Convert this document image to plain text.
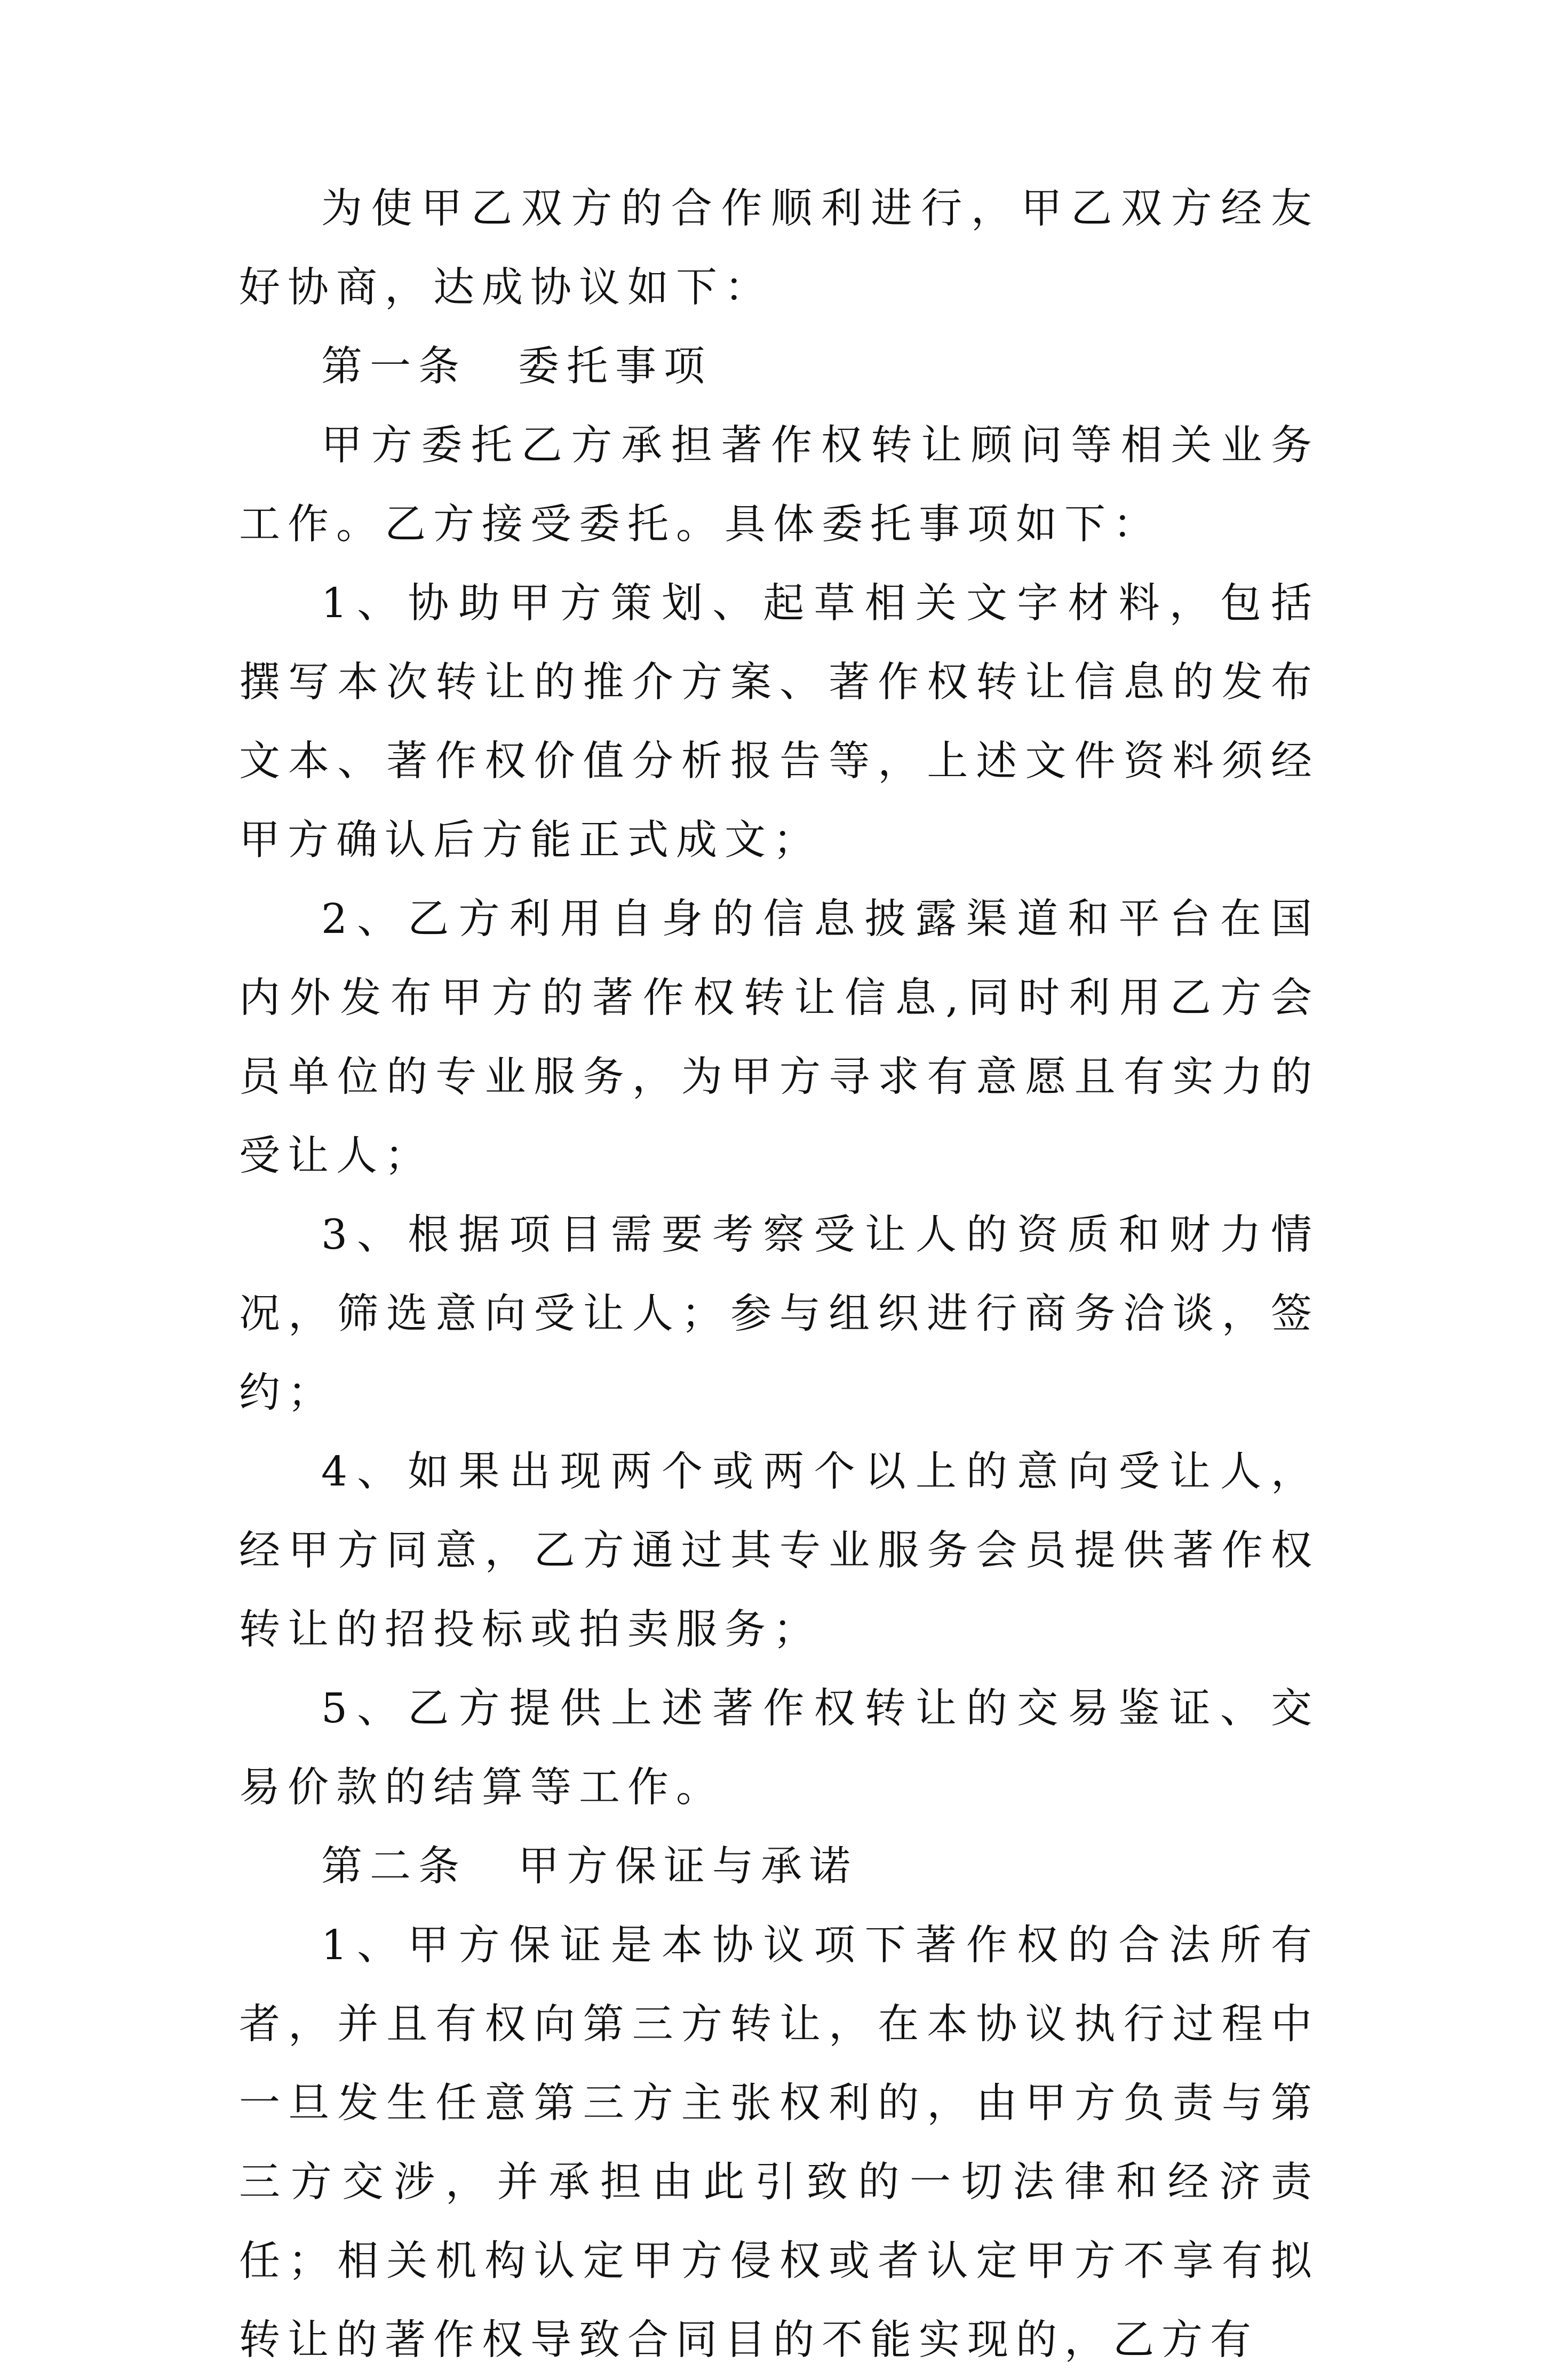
为使甲乙双方的合作顺利进行，甲乙双方经友好协商，达成协议如下：

第一条 委托事项

甲方委托乙方承担著作权转让顾问等相关业务工作。乙方接受委托。具体委托事项如下：

1、协助甲方策划、起草相关文字材料，包括撰写本次转让的推介方案、著作权转让信息的发布文本、著作权价值分析报告等，上述文件资料须经甲方确认后方能正式成文；

2、乙方利用自身的信息披露渠道和平台在国内外发布甲方的著作权转让信息,同时利用乙方会员单位的专业服务，为甲方寻求有意愿且有实力的受让人；

3、根据项目需要考察受让人的资质和财力情况，筛选意向受让人；参与组织进行商务洽谈，签约；

4、如果出现两个或两个以上的意向受让人，经甲方同意，乙方通过其专业服务会员提供著作权转让的招投标或拍卖服务；

5、乙方提供上述著作权转让的交易鉴证、交易价款的结算等工作。

第二条 甲方保证与承诺

1、甲方保证是本协议项下著作权的合法所有者，并且有权向第三方转让，在本协议执行过程中一旦发生任意第三方主张权利的，由甲方负责与第三方交涉，并承担由此引致的一切法律和经济责任；相关机构认定甲方侵权或者认定甲方不享有拟转让的著作权导致合同目的不能实现的，乙方有
